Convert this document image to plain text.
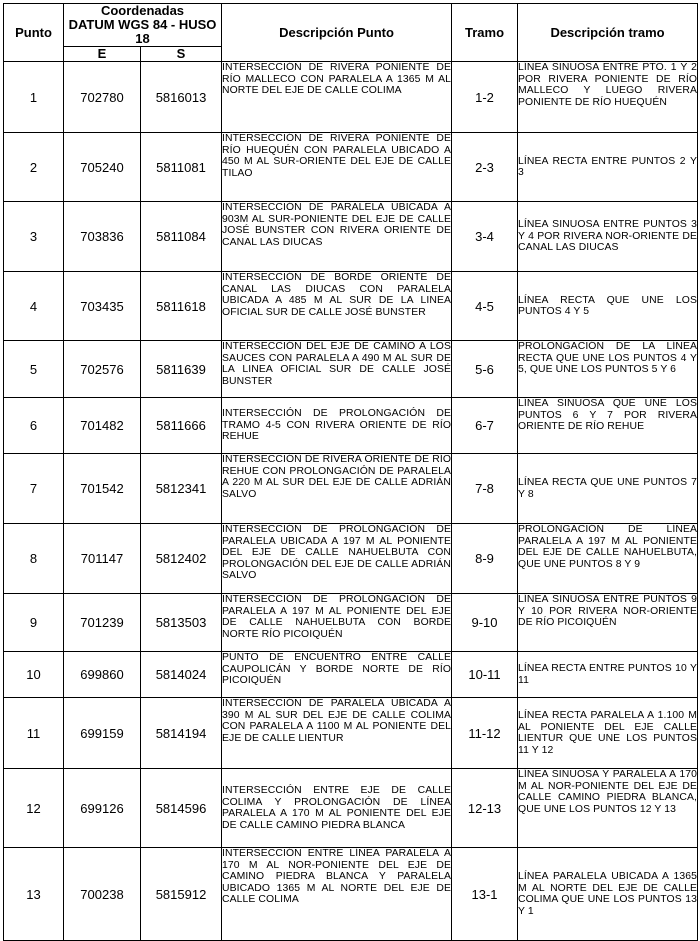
Punto	Coordenadas
DATUM WGS 84 - HUSO 18		Descripción Punto	Tramo	Descripción tramo
	E	S			
1	702780	5816013	INTERSECCIÓN DE RIVERA PONIENTE DE RÍO MALLECO CON PARALELA A 1365 M AL NORTE DEL EJE DE CALLE COLIMA	1-2	LÍNEA SINUOSA ENTRE PTO. 1 Y 2 POR RIVERA PONIENTE DE RÍO MALLECO Y LUEGO RIVERA PONIENTE DE RÍO HUEQUÉN
2	705240	5811081	INTERSECCIÓN DE RIVERA PONIENTE DE RÍO HUEQUÉN CON PARALELA UBICADO A 450 M AL SUR-ORIENTE DEL EJE DE CALLE TILAO	2-3	LÍNEA RECTA ENTRE PUNTOS 2 Y 3
3	703836	5811084	INTERSECCIÓN DE PARALELA UBICADA A 903M AL SUR-PONIENTE DEL EJE DE CALLE JOSÉ BUNSTER CON RIVERA ORIENTE DE CANAL LAS DIUCAS	3-4	LÍNEA SINUOSA ENTRE PUNTOS 3 Y 4 POR RIVERA NOR-ORIENTE DE CANAL LAS DIUCAS
4	703435	5811618	INTERSECCIÓN DE BORDE ORIENTE DE CANAL LAS DIUCAS CON PARALELA UBICADA A 485 M AL SUR DE LA LINEA OFICIAL SUR DE CALLE JOSÉ BUNSTER	4-5	LÍNEA RECTA QUE UNE LOS PUNTOS 4 Y 5
5	702576	5811639	INTERSECCIÓN DEL EJE DE CAMINO A LOS SAUCES CON PARALELA A 490 M AL SUR DE LA LINEA OFICIAL SUR DE CALLE JOSÉ BUNSTER	5-6	PROLONGACIÓN DE LA LÍNEA RECTA QUE UNE LOS PUNTOS 4 Y 5, QUE UNE LOS PUNTOS 5 Y 6
6	701482	5811666	INTERSECCIÓN DE PROLONGACIÓN DE TRAMO 4-5 CON RIVERA ORIENTE DE RÍO REHUE	6-7	LÍNEA SINUOSA QUE UNE LOS PUNTOS 6 Y 7 POR RIVERA ORIENTE DE RÍO REHUE
7	701542	5812341	INTERSECCIÓN DE RIVERA ORIENTE DE RÍO REHUE CON PROLONGACIÓN DE PARALELA A 220 M AL SUR DEL EJE DE CALLE ADRIÁN SALVO	7-8	LÍNEA RECTA QUE UNE PUNTOS 7 Y 8
8	701147	5812402	INTERSECCIÓN DE PROLONGACIÓN DE PARALELA UBICADA A 197 M AL PONIENTE DEL EJE DE CALLE NAHUELBUTA CON PROLONGACIÓN DEL EJE DE CALLE ADRIÁN SALVO	8-9	PROLONGACIÓN DE LÍNEA PARALELA A 197 M AL PONIENTE DEL EJE DE CALLE NAHUELBUTA, QUE UNE PUNTOS 8 Y 9
9	701239	5813503	INTERSECCIÓN DE PROLONGACIÓN DE PARALELA A 197 M AL PONIENTE DEL EJE DE CALLE NAHUELBUTA CON BORDE NORTE RÍO PICOIQUÉN	9-10	LÍNEA SINUOSA ENTRE PUNTOS 9 Y 10 POR RIVERA NOR-ORIENTE DE RÍO PICOIQUÉN
10	699860	5814024	PUNTO DE ENCUENTRO ENTRE CALLE CAUPOLICÁN Y BORDE NORTE DE RÍO PICOIQUÉN	10-11	LÍNEA RECTA ENTRE PUNTOS 10 Y 11
11	699159	5814194	INTERSECCIÓN DE PARALELA UBICADA A 390 M AL SUR DEL EJE DE CALLE COLIMA CON PARALELA A 1100 M AL PONIENTE DEL EJE DE CALLE LIENTUR	11-12	LÍNEA RECTA PARALELA A 1.100 M AL PONIENTE DEL EJE CALLE LIENTUR QUE UNE LOS PUNTOS 11 Y 12
12	699126	5814596	INTERSECCIÓN ENTRE EJE DE CALLE COLIMA Y PROLONGACIÓN DE LÍNEA PARALELA A 170 M AL PONIENTE DEL EJE DE CALLE CAMINO PIEDRA BLANCA	12-13	LÍNEA SINUOSA Y PARALELA A 170 M AL NOR-PONIENTE DEL EJE DE CALLE CAMINO PIEDRA BLANCA, QUE UNE LOS PUNTOS 12 Y 13
13	700238	5815912	INTERSECCIÓN ENTRE LÍNEA PARALELA A 170 M AL NOR-PONIENTE DEL EJE DE CAMINO PIEDRA BLANCA Y PARALELA UBICADO 1365 M AL NORTE DEL EJE DE CALLE COLIMA	13-1	LÍNEA PARALELA UBICADA A 1365 M AL NORTE DEL EJE DE CALLE COLIMA QUE UNE LOS PUNTOS 13 Y 1
